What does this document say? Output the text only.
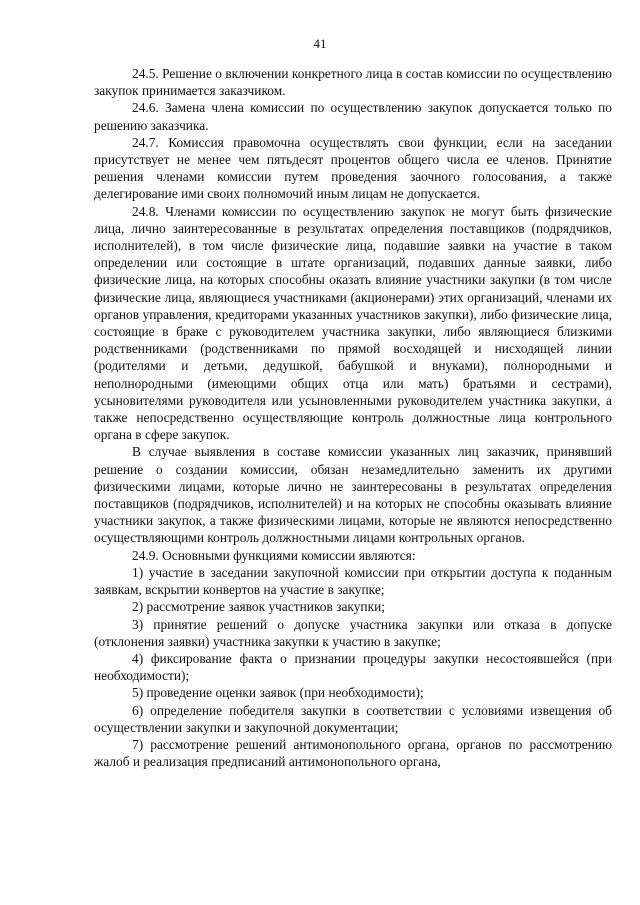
41

24.5. Решение о включении конкретного лица в состав комиссии по осуществлению закупок принимается заказчиком.

24.6. Замена члена комиссии по осуществлению закупок допускается только по решению заказчика.

24.7. Комиссия правомочна осуществлять свои функции, если на заседании присутствует не менее чем пятьдесят процентов общего числа ее членов. Принятие решения членами комиссии путем проведения заочного голосования, а также делегирование ими своих полномочий иным лицам не допускается.

24.8. Членами комиссии по осуществлению закупок не могут быть физические лица, лично заинтересованные в результатах определения поставщиков (подрядчиков, исполнителей), в том числе физические лица, подавшие заявки на участие в таком определении или состоящие в штате организаций, подавших данные заявки, либо физические лица, на которых способны оказать влияние участники закупки (в том числе физические лица, являющиеся участниками (акционерами) этих организаций, членами их органов управления, кредиторами указанных участников закупки), либо физические лица, состоящие в браке с руководителем участника закупки, либо являющиеся близкими родственниками (родственниками по прямой восходящей и нисходящей линии (родителями и детьми, дедушкой, бабушкой и внуками), полнородными и неполнородными (имеющими общих отца или мать) братьями и сестрами), усыновителями руководителя или усыновленными руководителем участника закупки, а также непосредственно осуществляющие контроль должностные лица контрольного органа в сфере закупок.

В случае выявления в составе комиссии указанных лиц заказчик, принявший решение о создании комиссии, обязан незамедлительно заменить их другими физическими лицами, которые лично не заинтересованы в результатах определения поставщиков (подрядчиков, исполнителей) и на которых не способны оказывать влияние участники закупок, а также физическими лицами, которые не являются непосредственно осуществляющими контроль должностными лицами контрольных органов.

24.9. Основными функциями комиссии являются:

1) участие в заседании закупочной комиссии при открытии доступа к поданным заявкам, вскрытии конвертов на участие в закупке;

2) рассмотрение заявок участников закупки;

3) принятие решений о допуске участника закупки или отказа в допуске (отклонения заявки) участника закупки к участию в закупке;

4) фиксирование факта о признании процедуры закупки несостоявшейся (при необходимости);

5) проведение оценки заявок (при необходимости);

6) определение победителя закупки в соответствии с условиями извещения об осуществлении закупки и закупочной документации;

7) рассмотрение решений антимонопольного органа, органов по рассмотрению жалоб и реализация предписаний антимонопольного органа,
